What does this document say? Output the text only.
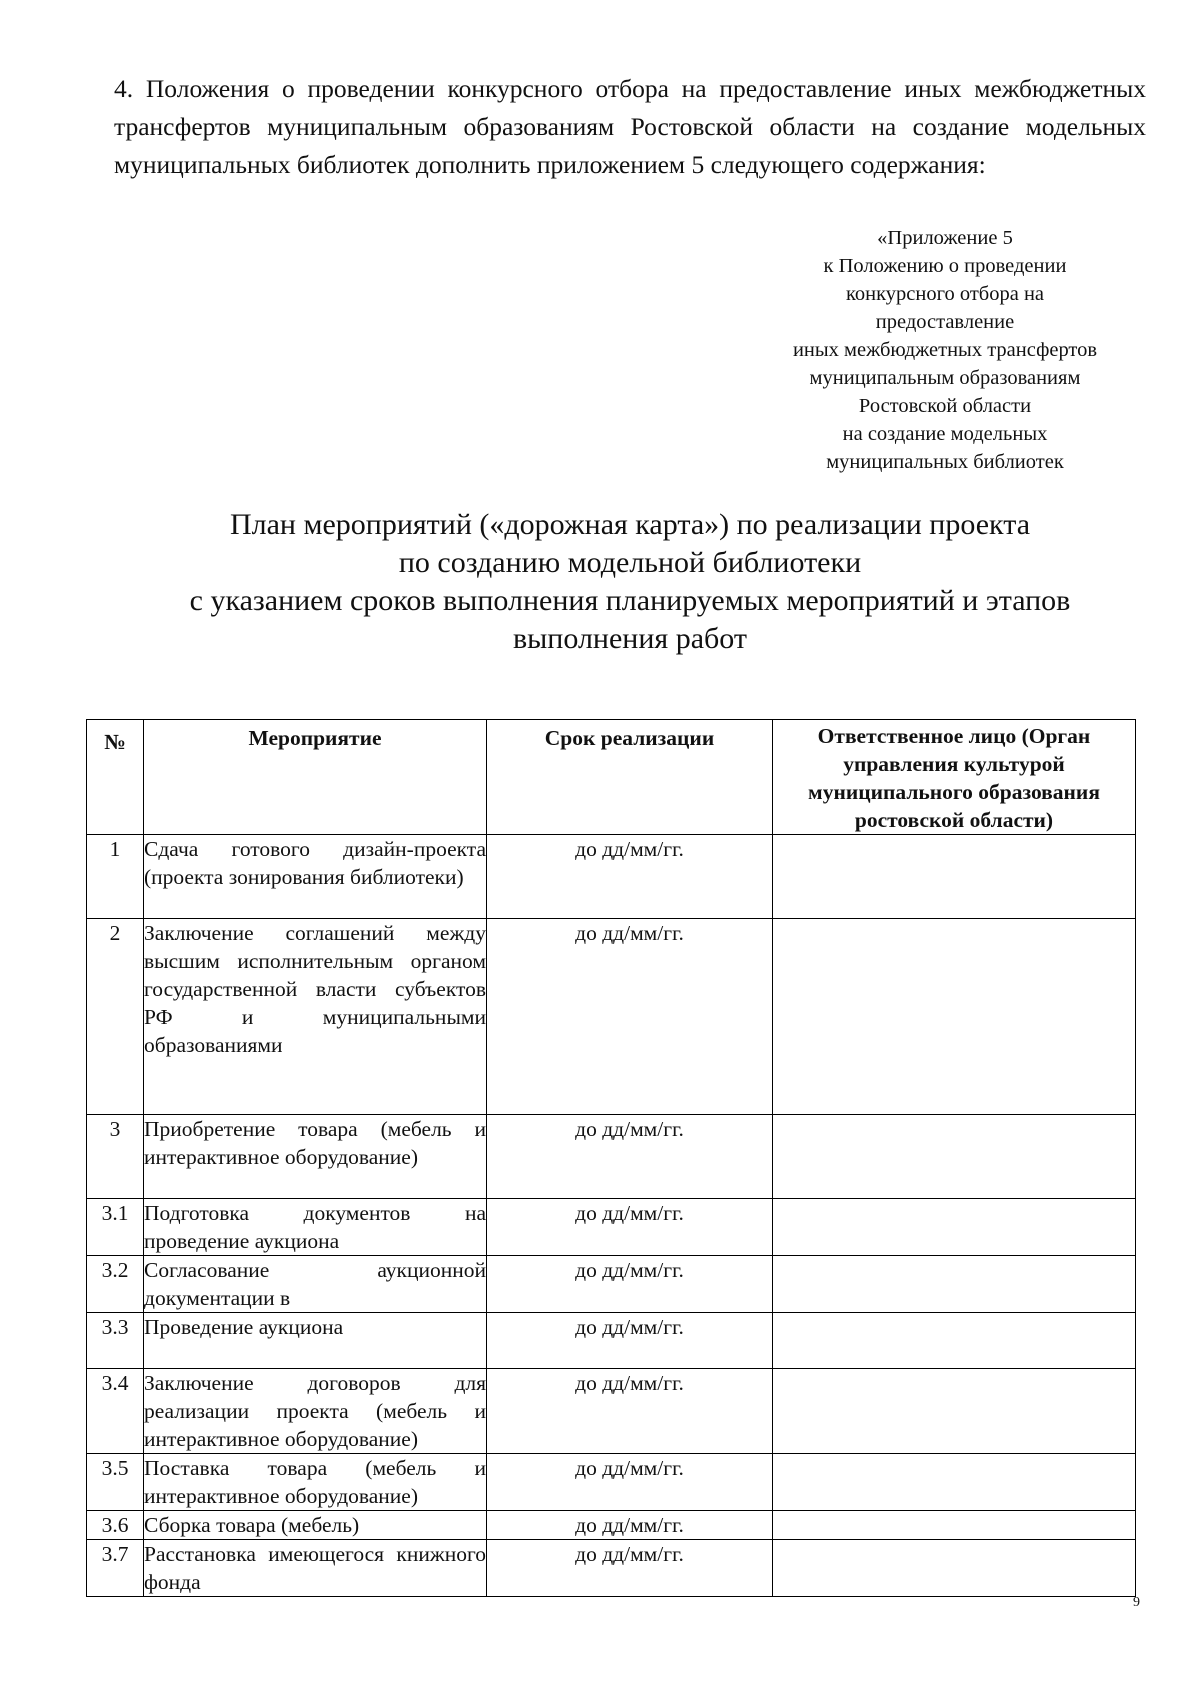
4. Положения о проведении конкурсного отбора на предоставление иных межбюджетных трансфертов муниципальным образованиям Ростовской области на создание модельных муниципальных библиотек дополнить приложением 5 следующего содержания:
«Приложение 5
к Положению о проведении
конкурсного отбора на
предоставление
иных межбюджетных трансфертов
муниципальным образованиям
Ростовской области
на создание модельных
муниципальных библиотек
План мероприятий («дорожная карта») по реализации проекта
по созданию модельной библиотеки
с указанием сроков выполнения планируемых мероприятий и этапов
выполнения работ
№	Мероприятие	Срок реализации	Ответственное лицо (Орган управления культурой муниципального образования ростовской области)
1	Сдача готового дизайн-проекта (проекта зонирования библиотеки)	до дд/мм/гг.	
2	Заключение соглашений между высшим исполнительным органом государственной власти субъектов РФ и муниципальными образованиями	до дд/мм/гг.	
3	Приобретение товара (мебель и интерактивное оборудование)	до дд/мм/гг.	
3.1	Подготовка документов на проведение аукциона	до дд/мм/гг.	
3.2	Согласование аукционной документации в	до дд/мм/гг.	
3.3	Проведение аукциона	до дд/мм/гг.	
3.4	Заключение договоров для реализации проекта (мебель и интерактивное оборудование)	до дд/мм/гг.	
3.5	Поставка товара (мебель и интерактивное оборудование)	до дд/мм/гг.	
3.6	Сборка товара (мебель)	до дд/мм/гг.	
3.7	Расстановка имеющегося книжного фонда	до дд/мм/гг.	
9
